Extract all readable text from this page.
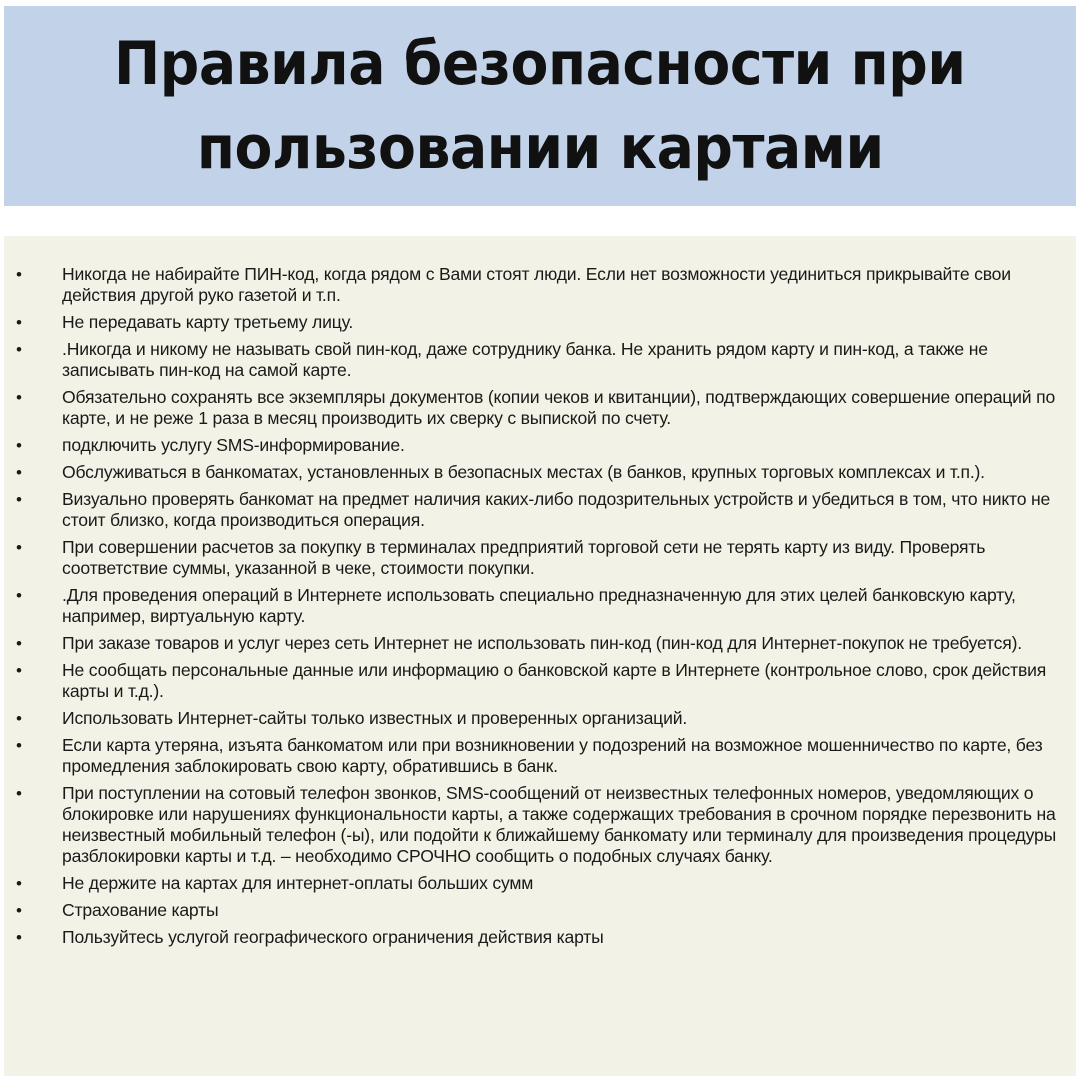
Правила безопасности при
пользовании картами
• Никогда не набирайте ПИН-код, когда рядом с Вами стоят люди. Если нет возможности уединиться прикрывайте свои действия другой руко газетой и т.п.
• Не передавать карту третьему лицу.
• .Никогда и никому не называть свой пин-код, даже сотруднику банка. Не хранить рядом карту и пин-код, а также не записывать пин-код на самой карте.
• Обязательно сохранять все экземпляры документов (копии чеков и квитанции), подтверждающих совершение операций по карте, и не реже 1 раза в месяц производить их сверку с выпиской по счету.
• подключить услугу SMS-информирование.
• Обслуживаться в банкоматах, установленных в безопасных местах (в банков, крупных торговых комплексах и т.п.).
• Визуально проверять банкомат на предмет наличия каких-либо подозрительных устройств и убедиться в том, что никто не стоит близко, когда производиться операция.
• При совершении расчетов за покупку в терминалах предприятий торговой сети не терять карту из виду. Проверять соответствие суммы, указанной в чеке, стоимости покупки.
• .Для проведения операций в Интернете использовать специально предназначенную для этих целей банковскую карту, например, виртуальную карту.
• При заказе товаров и услуг через сеть Интернет не использовать пин-код (пин-код для Интернет-покупок не требуется).
• Не сообщать персональные данные или информацию о банковской карте в Интернете (контрольное слово, срок действия карты и т.д.).
• Использовать Интернет-сайты только известных и проверенных организаций.
• Если карта утеряна, изъята банкоматом или при возникновении у подозрений на возможное мошенничество по карте, без промедления заблокировать свою карту, обратившись в банк.
• При поступлении на сотовый телефон звонков, SMS-сообщений от неизвестных телефонных номеров, уведомляющих о блокировке или нарушениях функциональности карты, а также содержащих требования в срочном порядке перезвонить на неизвестный мобильный телефон (-ы), или подойти к ближайшему банкомату или терминалу для произведения процедуры разблокировки карты и т.д. – необходимо СРОЧНО сообщить о подобных случаях банку.
• Не держите на картах для интернет-оплаты больших сумм
• Страхование карты
• Пользуйтесь услугой географического ограничения действия карты
